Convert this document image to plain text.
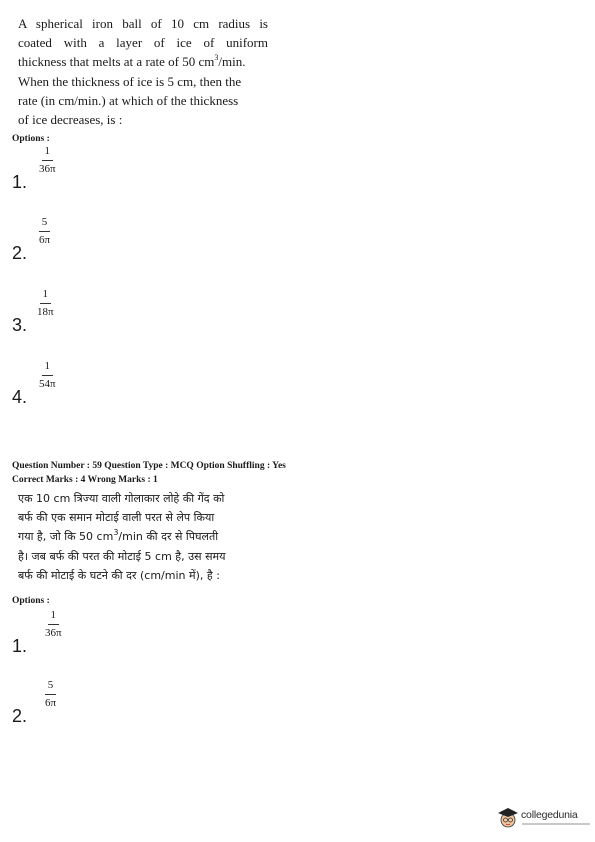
A spherical iron ball of 10 cm radius is
coated with a layer of ice of uniform
thickness that melts at a rate of 50 $cm^3/\min$.
When the thickness of ice is 5 cm, then the
rate (in cm/min.) at which of the thickness
of ice decreases, is :
Options :
1.
$\frac{1}{36\pi}$
2.
$\frac{5}{6\pi}$
3.
$\frac{1}{18\pi}$
4.
$\frac{1}{54\pi}$
Question Number : 59 Question Type : MCQ Option Shuffling : Yes
Correct Marks : 4 Wrong Marks : 1
एक 10 cm त्रिज्या वाली गोलाकार लोहे की गेंद को
बर्फ की एक समान मोटाई वाली परत से लेप किया
गया है, जो कि 50 $cm^3/\min$ की दर से पिघलती
है। जब बर्फ की परत की मोटाई 5 cm है, उस समय
बर्फ की मोटाई के घटने की दर (cm/min में), है :
Options :
1.
$\frac{1}{36\pi}$
2.
$\frac{5}{6\pi}$
collegedunia
